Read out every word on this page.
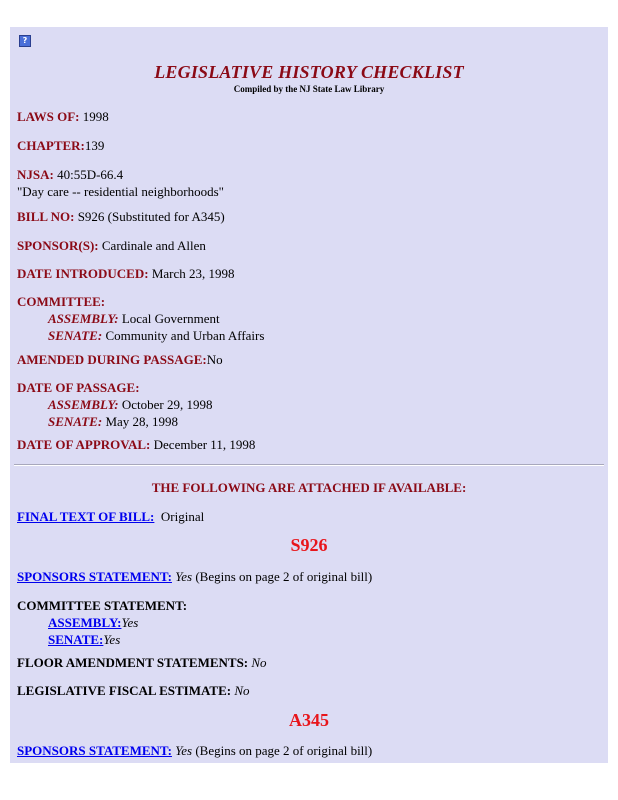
?
LEGISLATIVE HISTORY CHECKLIST
Compiled by the NJ State Law Library
LAWS OF: 1998
CHAPTER:139
NJSA: 40:55D-66.4
"Day care -- residential neighborhoods"
BILL NO: S926 (Substituted for A345)
SPONSOR(S): Cardinale and Allen
DATE INTRODUCED: March 23, 1998
COMMITTEE:
ASSEMBLY: Local Government
SENATE: Community and Urban Affairs
AMENDED DURING PASSAGE:No
DATE OF PASSAGE:
ASSEMBLY: October 29, 1998
SENATE: May 28, 1998
DATE OF APPROVAL: December 11, 1998
THE FOLLOWING ARE ATTACHED IF AVAILABLE:
FINAL TEXT OF BILL: Original
S926
SPONSORS STATEMENT: Yes (Begins on page 2 of original bill)
COMMITTEE STATEMENT:
ASSEMBLY:Yes
SENATE:Yes
FLOOR AMENDMENT STATEMENTS: No
LEGISLATIVE FISCAL ESTIMATE: No
A345
SPONSORS STATEMENT: Yes (Begins on page 2 of original bill)
